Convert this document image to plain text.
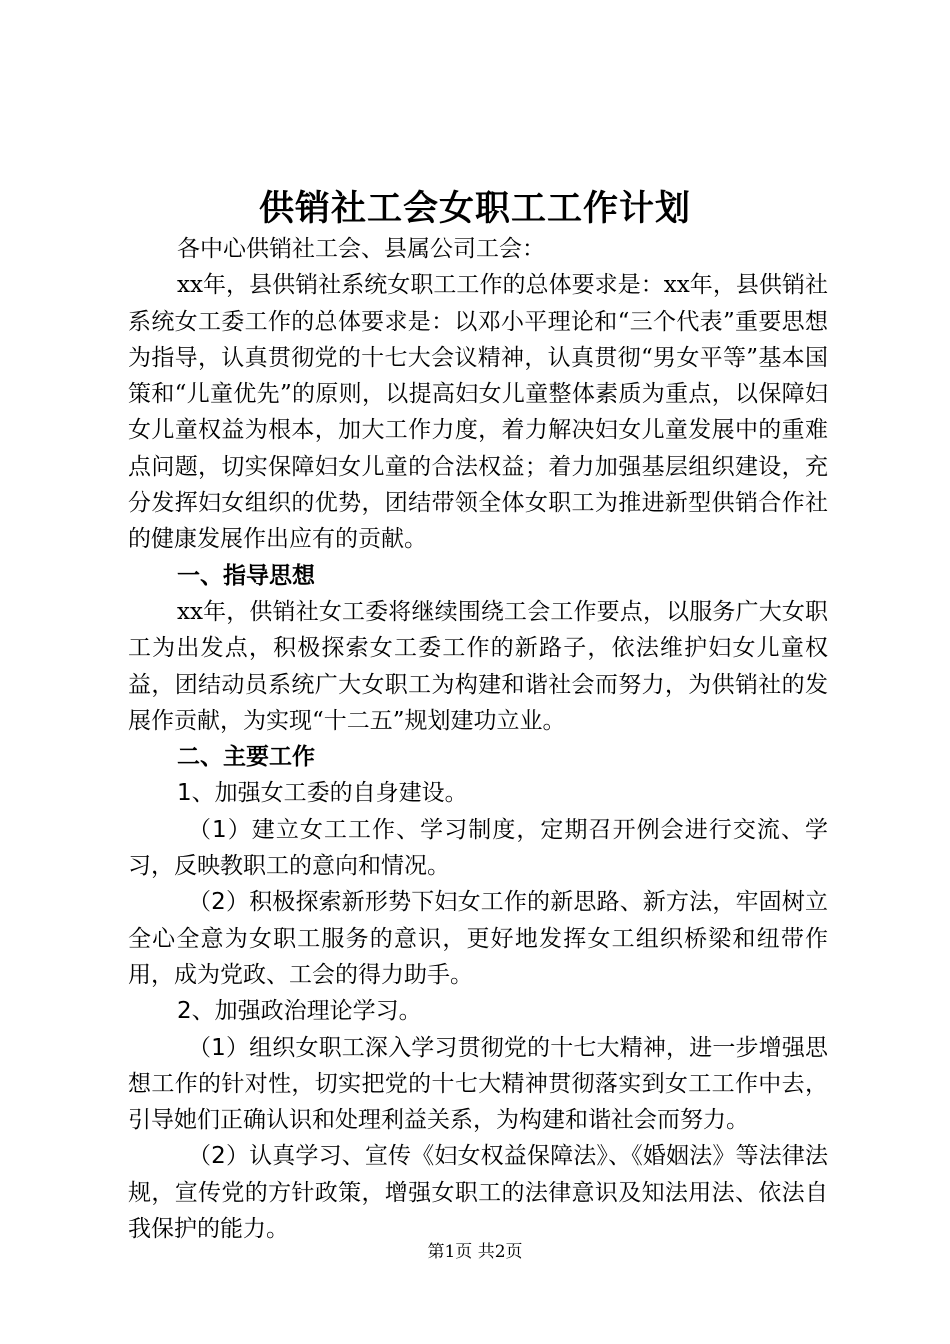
供销社工会女职工工作计划

各中心供销社工会、县属公司工会：

xx年，县供销社系统女职工工作的总体要求是：xx年，县供销社系统女工委工作的总体要求是：以邓小平理论和“三个代表”重要思想为指导，认真贯彻党的十七大会议精神，认真贯彻“男女平等”基本国策和“儿童优先”的原则，以提高妇女儿童整体素质为重点，以保障妇女儿童权益为根本，加大工作力度，着力解决妇女儿童发展中的重难点问题，切实保障妇女儿童的合法权益；着力加强基层组织建设，充分发挥妇女组织的优势，团结带领全体女职工为推进新型供销合作社的健康发展作出应有的贡献。

一、指导思想

xx年，供销社女工委将继续围绕工会工作要点，以服务广大女职工为出发点，积极探索女工委工作的新路子，依法维护妇女儿童权益，团结动员系统广大女职工为构建和谐社会而努力，为供销社的发展作贡献，为实现“十二五”规划建功立业。

二、主要工作

1、加强女工委的自身建设。

（1）建立女工工作、学习制度，定期召开例会进行交流、学习，反映教职工的意向和情况。

（2）积极探索新形势下妇女工作的新思路、新方法，牢固树立全心全意为女职工服务的意识，更好地发挥女工组织桥梁和纽带作用，成为党政、工会的得力助手。

2、加强政治理论学习。

（1）组织女职工深入学习贯彻党的十七大精神，进一步增强思想工作的针对性，切实把党的十七大精神贯彻落实到女工工作中去，引导她们正确认识和处理利益关系，为构建和谐社会而努力。

（2）认真学习、宣传《妇女权益保障法》、《婚姻法》等法律法规，宣传党的方针政策，增强女职工的法律意识及知法用法、依法自我保护的能力。

第1页 共2页
